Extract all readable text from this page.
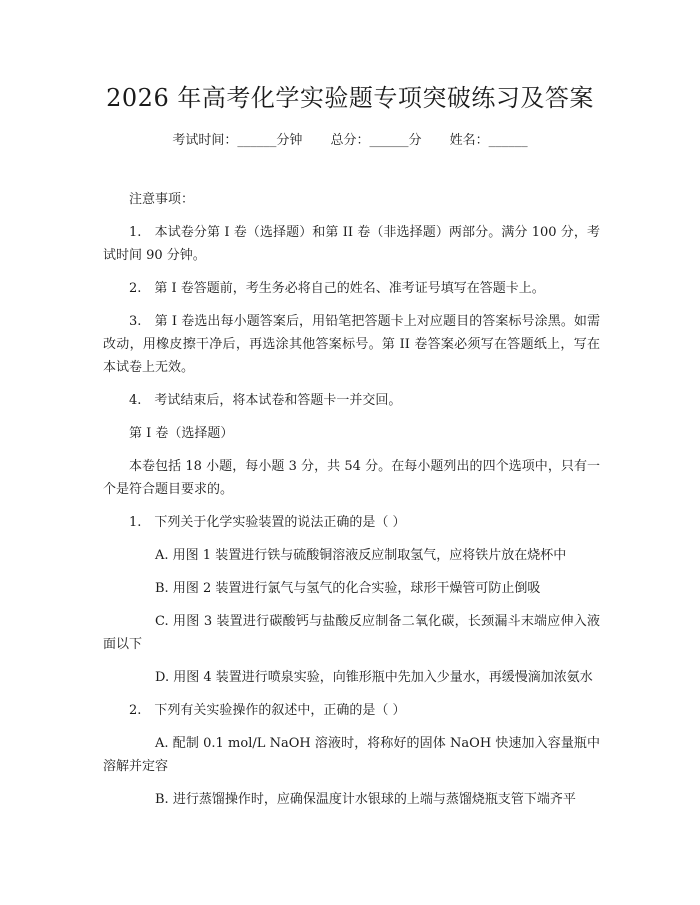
2026 年高考化学实验题专项突破练习及答案
考试时间：______分钟 总分：______分 姓名：______

注意事项：

1.　本试卷分第 I 卷（选择题）和第 II 卷（非选择题）两部分。满分 100 分，考试时间 90 分钟。

2.　第 I 卷答题前，考生务必将自己的姓名、准考证号填写在答题卡上。

3.　第 I 卷选出每小题答案后，用铅笔把答题卡上对应题目的答案标号涂黑。如需改动，用橡皮擦干净后，再选涂其他答案标号。第 II 卷答案必须写在答题纸上，写在本试卷上无效。

4.　考试结束后，将本试卷和答题卡一并交回。

第 I 卷（选择题）

本卷包括 18 小题，每小题 3 分，共 54 分。在每小题列出的四个选项中，只有一个是符合题目要求的。

1.　下列关于化学实验装置的说法正确的是（ ）

A. 用图 1 装置进行铁与硫酸铜溶液反应制取氢气，应将铁片放在烧杯中

B. 用图 2 装置进行氯气与氢气的化合实验，球形干燥管可防止倒吸

C. 用图 3 装置进行碳酸钙与盐酸反应制备二氧化碳，长颈漏斗末端应伸入液面以下

D. 用图 4 装置进行喷泉实验，向锥形瓶中先加入少量水，再缓慢滴加浓氨水

2.　下列有关实验操作的叙述中，正确的是（ ）

A. 配制 0.1 mol/L NaOH 溶液时，将称好的固体 NaOH 快速加入容量瓶中溶解并定容

B. 进行蒸馏操作时，应确保温度计水银球的上端与蒸馏烧瓶支管下端齐平
